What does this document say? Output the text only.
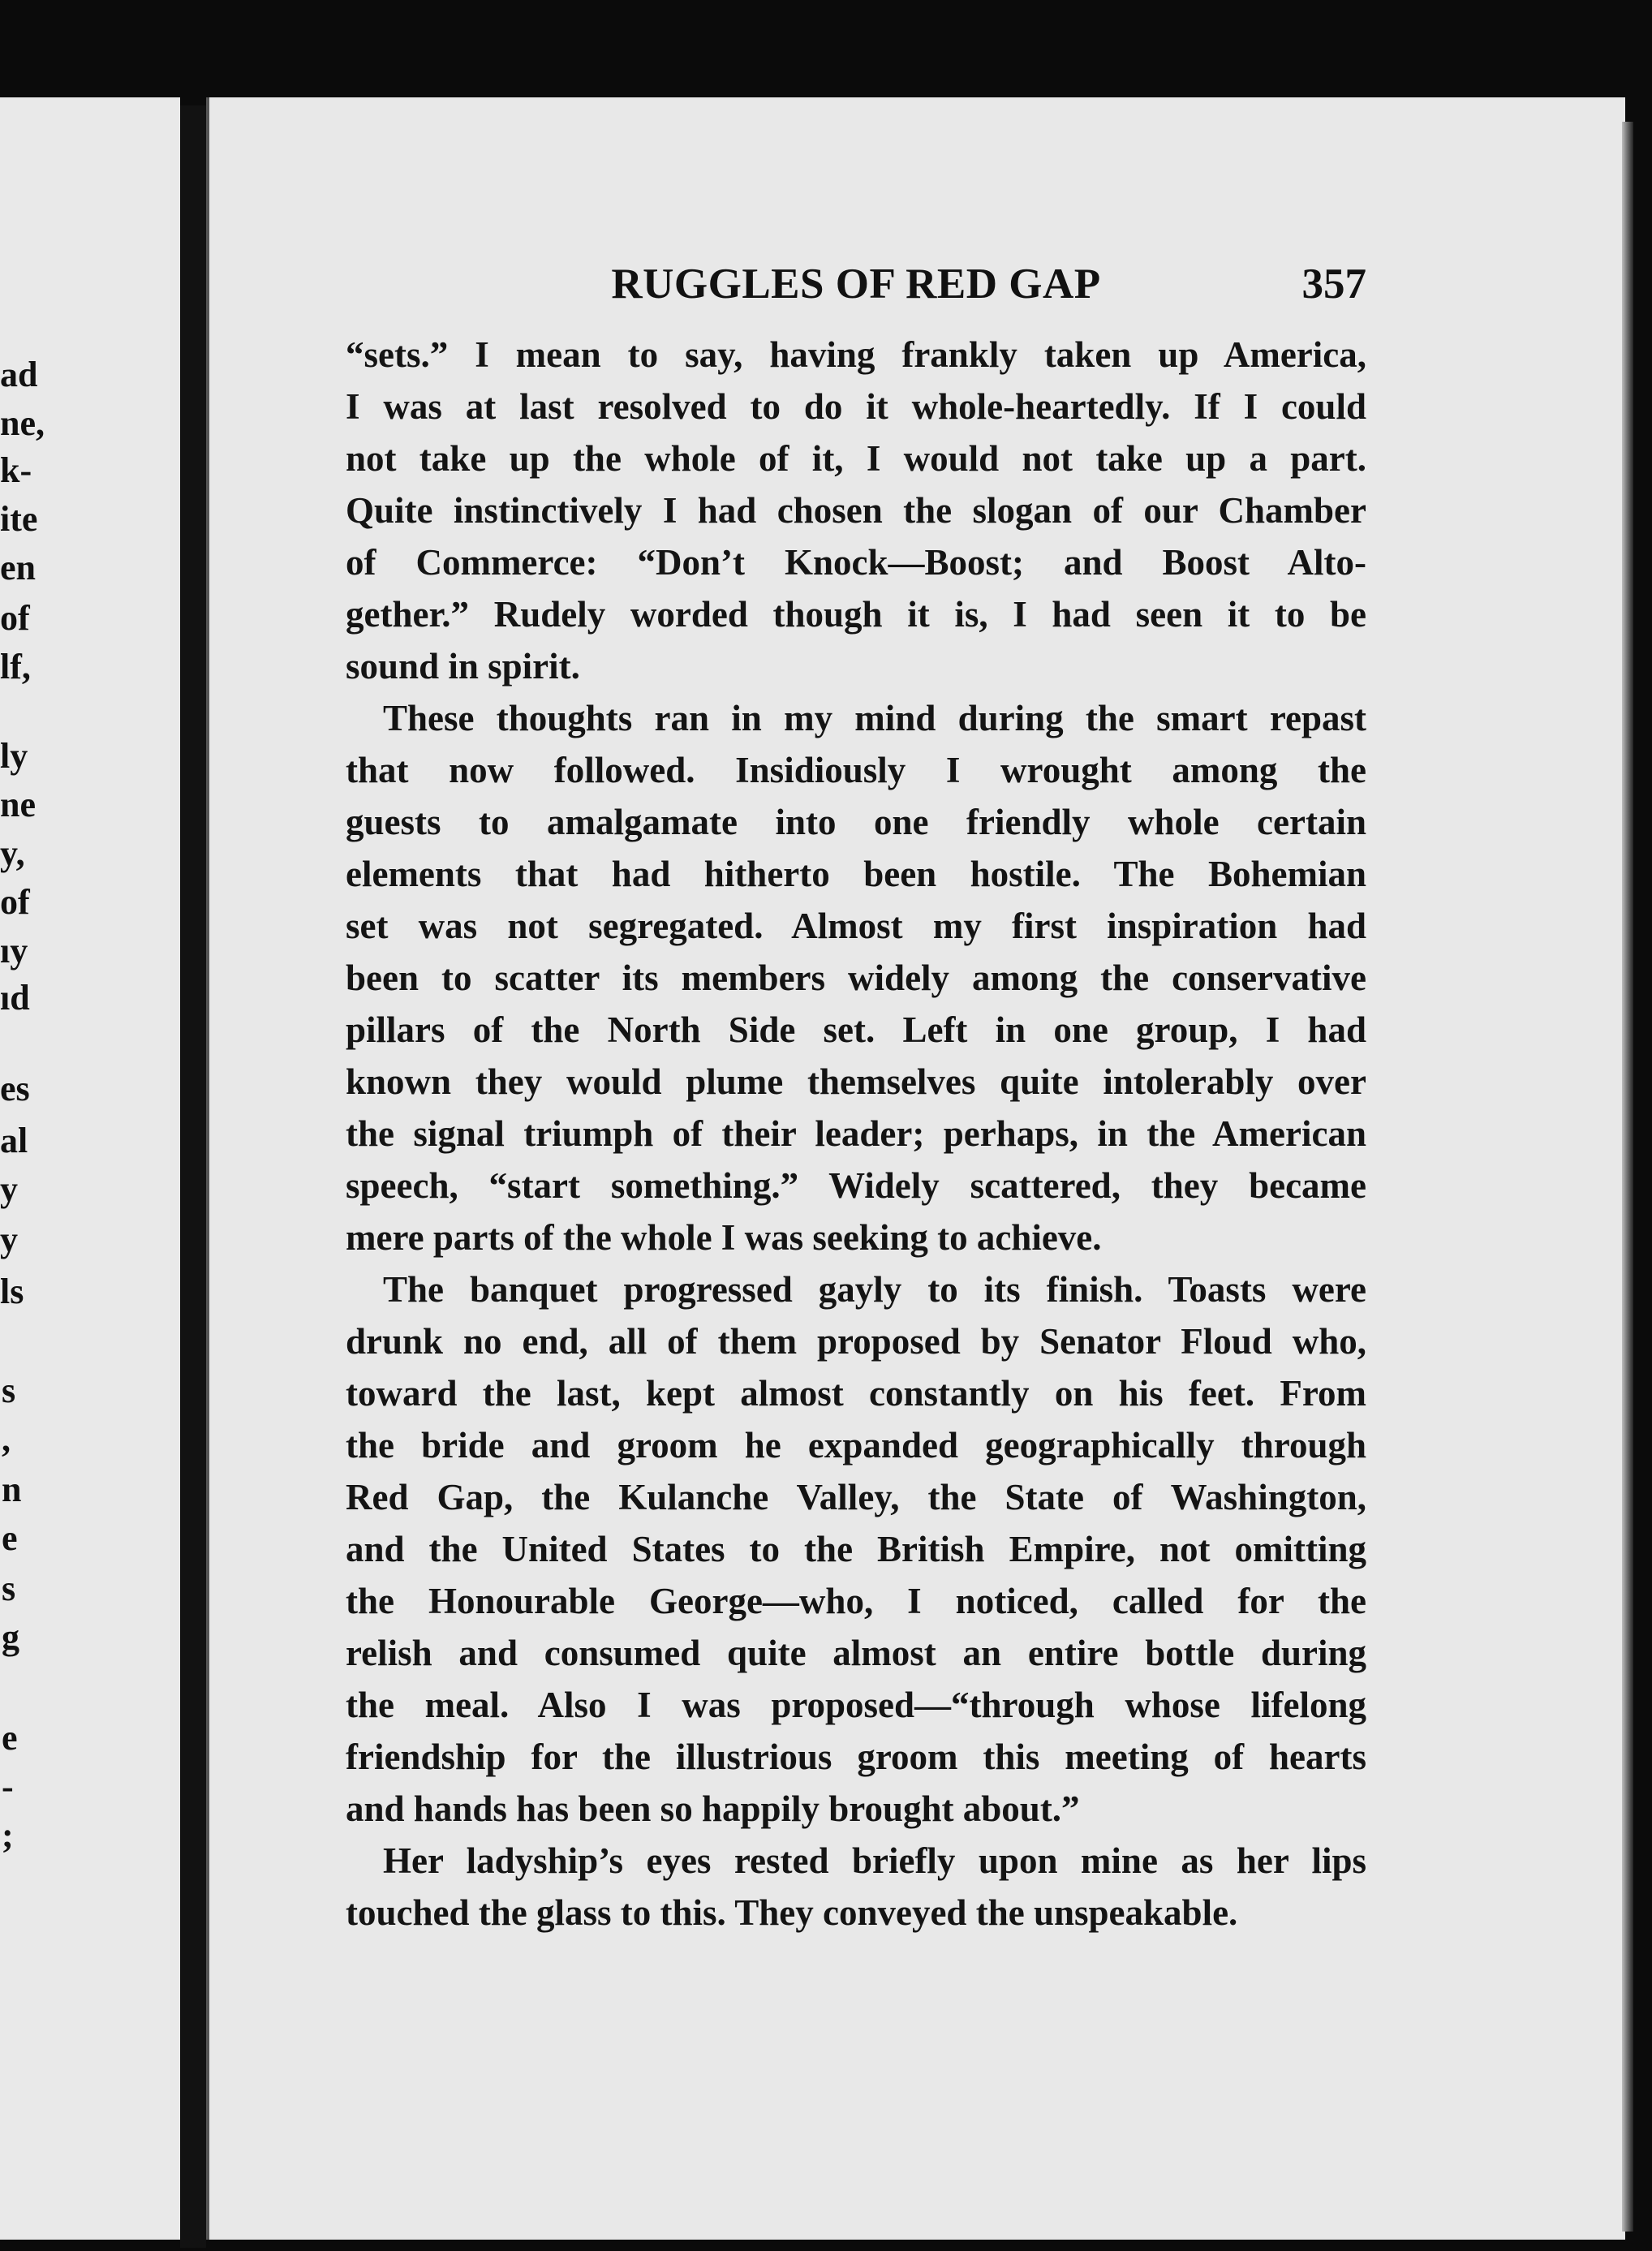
ad
ne,
k-
ite
en
of
lf,
ly
ne
y,
of
ıy
ıd
es
al
y
y
ls
s
,
n
e
s
g
e
-
;
RUGGLES OF RED GAP	357
“sets.” I mean to say, having frankly taken up America,
I was at last resolved to do it whole-heartedly. If I could
not take up the whole of it, I would not take up a part.
Quite instinctively I had chosen the slogan of our Chamber
of Commerce: “Don’t Knock—Boost; and Boost Alto-
gether.” Rudely worded though it is, I had seen it to be
sound in spirit.
These thoughts ran in my mind during the smart repast
that now followed. Insidiously I wrought among the
guests to amalgamate into one friendly whole certain
elements that had hitherto been hostile. The Bohemian
set was not segregated. Almost my first inspiration had
been to scatter its members widely among the conservative
pillars of the North Side set. Left in one group, I had
known they would plume themselves quite intolerably over
the signal triumph of their leader; perhaps, in the American
speech, “start something.” Widely scattered, they became
mere parts of the whole I was seeking to achieve.
The banquet progressed gayly to its finish. Toasts were
drunk no end, all of them proposed by Senator Floud who,
toward the last, kept almost constantly on his feet. From
the bride and groom he expanded geographically through
Red Gap, the Kulanche Valley, the State of Washington,
and the United States to the British Empire, not omitting
the Honourable George—who, I noticed, called for the
relish and consumed quite almost an entire bottle during
the meal. Also I was proposed—“through whose lifelong
friendship for the illustrious groom this meeting of hearts
and hands has been so happily brought about.”
Her ladyship’s eyes rested briefly upon mine as her lips
touched the glass to this. They conveyed the unspeakable.
